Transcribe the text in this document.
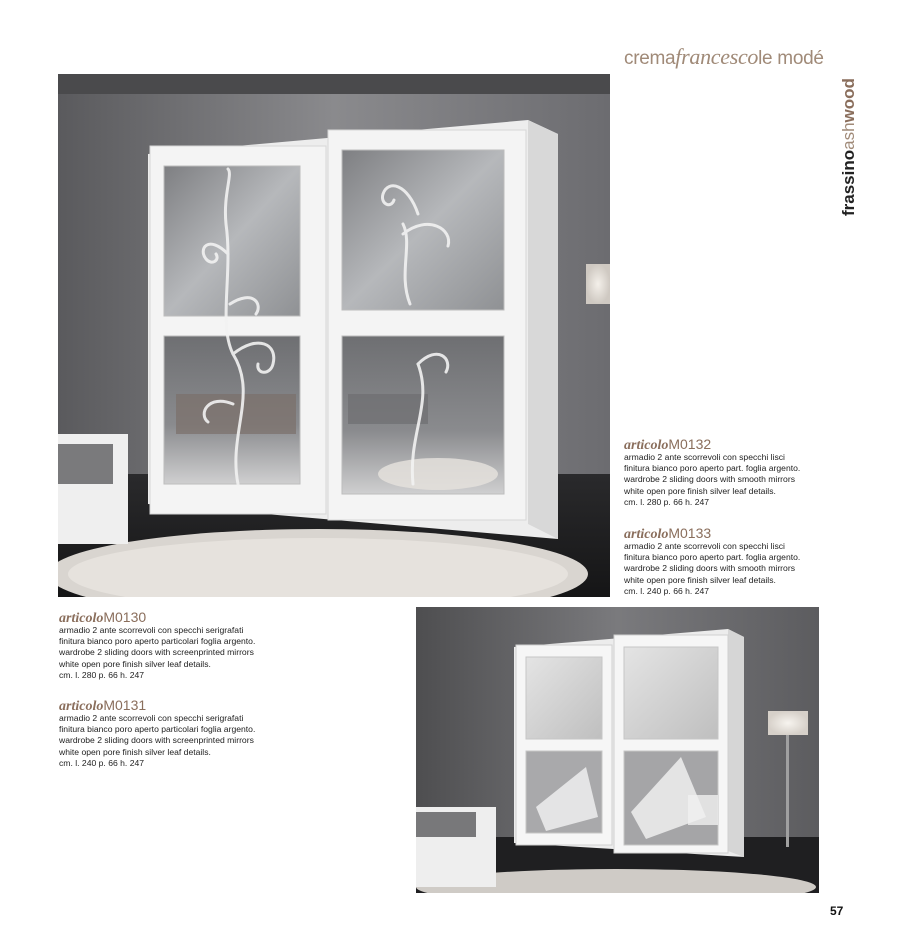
cremafrancescole modé
frassinoashwood
articoloM0132
armadio 2 ante scorrevoli con specchi lisci
finitura bianco poro aperto part. foglia argento.
wardrobe 2 sliding doors with smooth mirrors
white open pore finish silver leaf details.
cm. l. 280 p. 66 h. 247
articoloM0133
armadio 2 ante scorrevoli con specchi lisci
finitura bianco poro aperto part. foglia argento.
wardrobe 2 sliding doors with smooth mirrors
white open pore finish silver leaf details.
cm. l. 240 p. 66 h. 247
articoloM0130
armadio 2 ante scorrevoli con specchi serigrafati
finitura bianco poro aperto particolari foglia argento.
wardrobe 2 sliding doors with screenprinted mirrors
white open pore finish silver leaf details.
cm. l. 280 p. 66 h. 247
articoloM0131
armadio 2 ante scorrevoli con specchi serigrafati
finitura bianco poro aperto particolari foglia argento.
wardrobe 2 sliding doors with screenprinted mirrors
white open pore finish silver leaf details.
cm. l. 240 p. 66 h. 247
57
